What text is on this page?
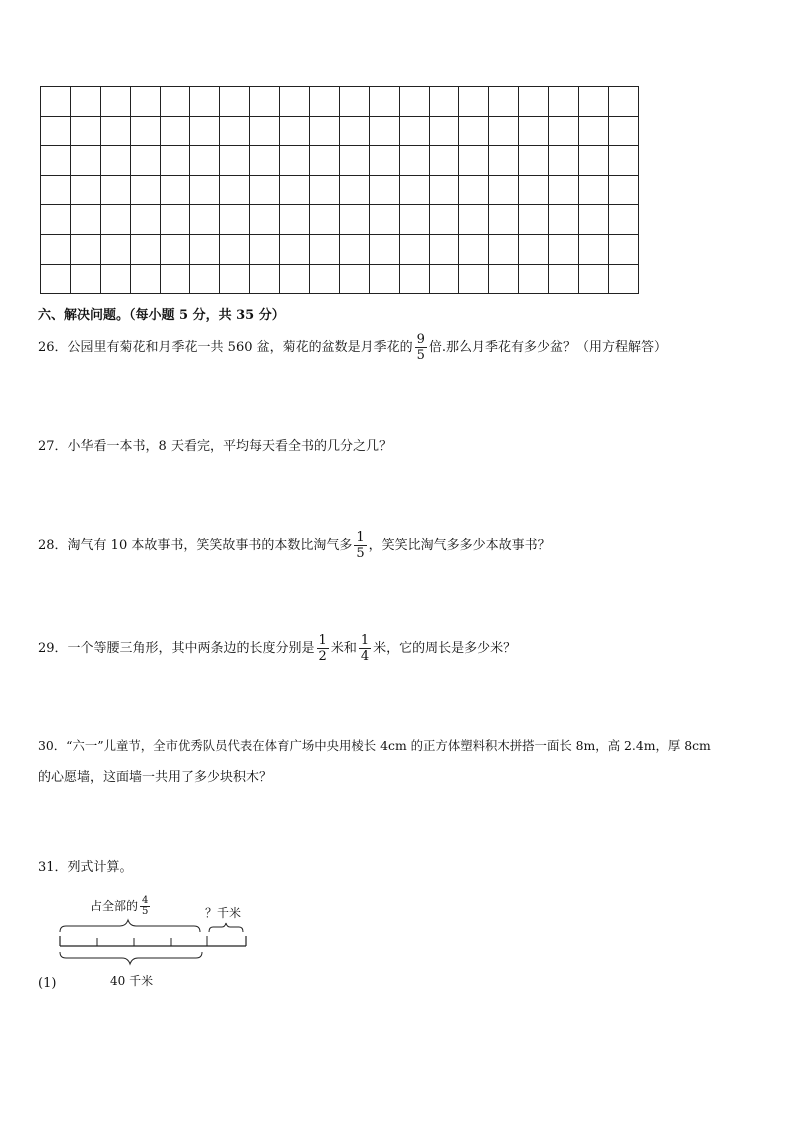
六、解决问题。（每小题 5 分，共 35 分）
26．公园里有菊花和月季花一共 560 盆，菊花的盆数是月季花的 $\frac{9}{5}$ 倍.那么月季花有多少盆？（用方程解答）
27．小华看一本书，8 天看完，平均每天看全书的几分之几？
28．淘气有 10 本故事书，笑笑故事书的本数比淘气多 $\frac{1}{5}$ ，笑笑比淘气多多少本故事书？
29．一个等腰三角形，其中两条边的长度分别是 $\frac{1}{2}$ 米和 $\frac{1}{4}$ 米，它的周长是多少米？
30．“六一”儿童节，全市优秀队员代表在体育广场中央用棱长 4cm 的正方体塑料积木拼搭一面长 8m，高 2.4m，厚 8cm
的心愿墙，这面墙一共用了多少块积木？
31．列式计算。
占全部的 $\frac{4}{5}$	？千米
40 千米
(1)
